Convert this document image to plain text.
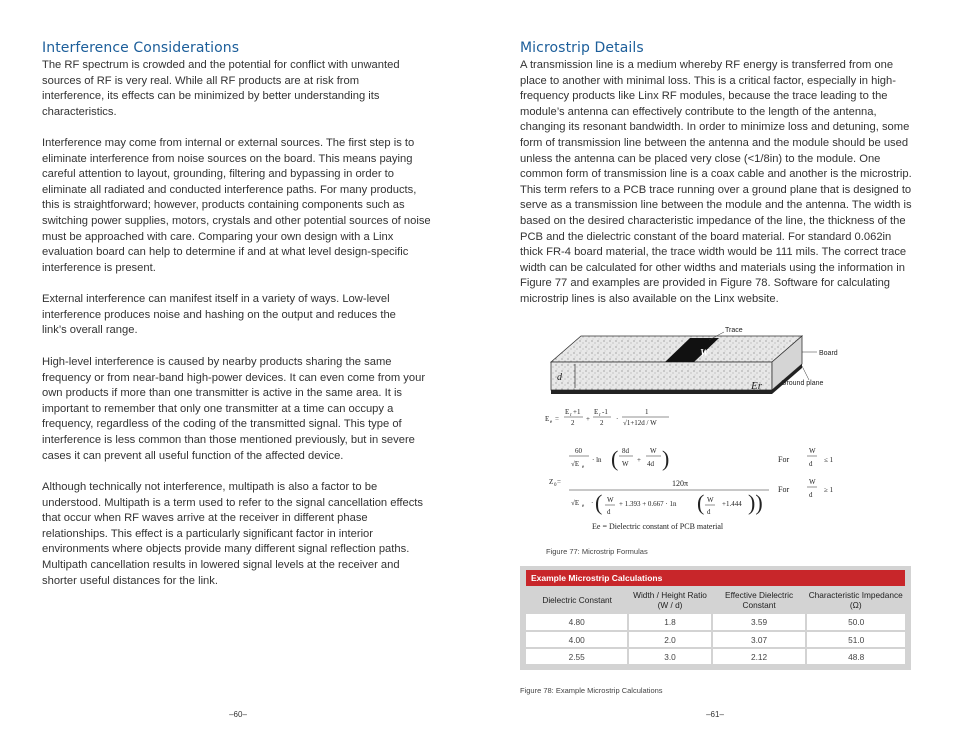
Interference Considerations

The RF spectrum is crowded and the potential for conflict with unwanted sources of RF is very real. While all RF products are at risk from interference, its effects can be minimized by better understanding its characteristics.

Interference may come from internal or external sources. The first step is to eliminate interference from noise sources on the board. This means paying careful attention to layout, grounding, filtering and bypassing in order to eliminate all radiated and conducted interference paths. For many products, this is straightforward; however, products containing components such as switching power supplies, motors, crystals and other potential sources of noise must be approached with care. Comparing your own design with a Linx evaluation board can help to determine if and at what level design-specific interference is present.

External interference can manifest itself in a variety of ways. Low-level interference produces noise and hashing on the output and reduces the link’s overall range.

High-level interference is caused by nearby products sharing the same frequency or from near-band high-power devices. It can even come from your own products if more than one transmitter is active in the same area. It is important to remember that only one transmitter at a time can occupy a frequency, regardless of the coding of the transmitted signal. This type of interference is less common than those mentioned previously, but in severe cases it can prevent all useful function of the affected device.

Although technically not interference, multipath is also a factor to be understood. Multipath is a term used to refer to the signal cancellation effects that occur when RF waves arrive at the receiver in different phase relationships. This effect is a particularly significant factor in interior environments where objects provide many different signal reflection paths. Multipath cancellation results in lowered signal levels at the receiver and shorter useful distances for the link.

–60–
Microstrip Details

A transmission line is a medium whereby RF energy is transferred from one place to another with minimal loss. This is a critical factor, especially in high-frequency products like Linx RF modules, because the trace leading to the module’s antenna can effectively contribute to the length of the antenna, changing its resonant bandwidth. In order to minimize loss and detuning, some form of transmission line between the antenna and the module should be used unless the antenna can be placed very close (<1/8in) to the module. One common form of transmission line is a coax cable and another is the microstrip. This term refers to a PCB trace running over a ground plane that is designed to serve as a transmission line between the module and the antenna. The width is based on the desired characteristic impedance of the line, the thickness of the PCB and the dielectric constant of the board material. For standard 0.062in thick FR-4 board material, the trace width would be 111 mils. The correct trace width can be calculated for other widths and materials using the information in Figure 77 and examples are provided in Figure 78. Software for calculating microstrip lines is also available on the Linx website.

Trace
Board
Ground plane
W
d
Er
E e =
E r +1
2 +
E r -1
2 ·
1
√1+12d / W
60
√E e
· ln ( 8d
W +
W
4d )	For
W
d ≤ 1
Z 0 =	120π
√E e · ( W
d
+ 1.393 + 0.667 · 1n ( W
d
+1.444 ))
For
W
d
≥ 1
Ee = Dielectric constant of PCB material
Figure 77: Microstrip Formulas
Example Microstrip Calculations
Dielectric Constant	Width / Height Ratio (W / d)	Effective Dielectric Constant	Characteristic Impedance (Ω)
4.80	1.8	3.59	50.0
4.00	2.0	3.07	51.0
2.55	3.0	2.12	48.8
Figure 78: Example Microstrip Calculations
–61–
